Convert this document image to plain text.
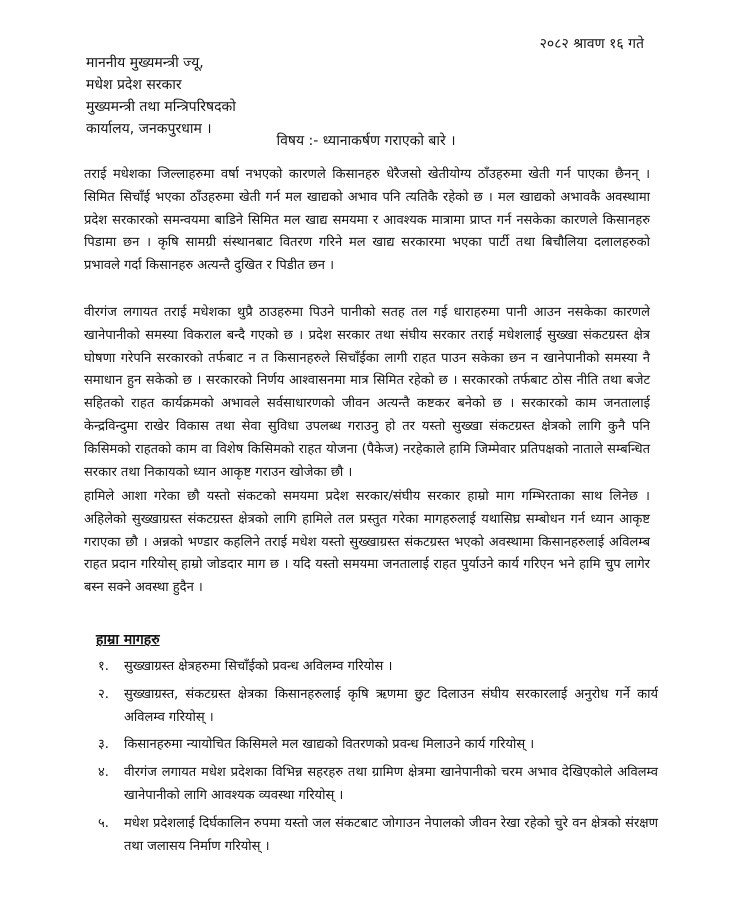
२०८२ श्रावण १६ गते
माननीय मुख्यमन्त्री ज्यू,
मधेश प्रदेश सरकार
मुख्यमन्त्री तथा मन्त्रिपरिषदको
कार्यालय, जनकपुरधाम ।
विषय :- ध्यानाकर्षण गराएको बारे ।

तराई मधेशका जिल्लाहरुमा वर्षा नभएको कारणले किसानहरु धेरैजसो खेतीयोग्य ठाँउहरुमा खेती गर्न पाएका छैनन् । सिमित सिचाँई भएका ठाँउहरुमा खेती गर्न मल खाद्यको अभाव पनि त्यतिकै रहेको छ । मल खाद्यको अभावकै अवस्थामा प्रदेश सरकारको समन्वयमा बाडिने सिमित मल खाद्य समयमा र आवश्यक मात्रामा प्राप्त गर्न नसकेका कारणले किसानहरु पिडामा छन । कृषि सामग्री संस्थानबाट वितरण गरिने मल खाद्य सरकारमा भएका पार्टी तथा बिचौलिया दलालहरुको प्रभावले गर्दा किसानहरु अत्यन्तै दुखित र पिडीत छन ।

वीरगंज लगायत तराई मधेशका थुप्रै ठाउहरुमा पिउने पानीको सतह तल गई धाराहरुमा पानी आउन नसकेका कारणले खानेपानीको समस्या विकराल बन्दै गएको छ । प्रदेश सरकार तथा संघीय सरकार तराई मधेशलाई सुख्खा संकटग्रस्त क्षेत्र घोषणा गरेपनि सरकारको तर्फबाट न त किसानहरुले सिचाँईका लागी राहत पाउन सकेका छन न खानेपानीको समस्या नै समाधान हुन सकेको छ । सरकारको निर्णय आश्वासनमा मात्र सिमित रहेको छ । सरकारको तर्फबाट ठोस नीति तथा बजेट सहितको राहत कार्यक्रमको अभावले सर्वसाधारणको जीवन अत्यन्तै कष्टकर बनेको छ । सरकारको काम जनतालाई केन्द्रविन्दुमा राखेर विकास तथा सेवा सुविधा उपलब्ध गराउनु हो तर यस्तो सुख्खा संकटग्रस्त क्षेत्रको लागि कुनै पनि किसिमको राहतको काम वा विशेष किसिमको राहत योजना (पैकेज) नरहेकाले हामि जिम्मेवार प्रतिपक्षको नाताले सम्बन्धित सरकार तथा निकायको ध्यान आकृष्ट गराउन खोजेका छौ ।

हामिले आशा गरेका छौ यस्तो संकटको समयमा प्रदेश सरकार/संघीय सरकार हाम्रो माग गम्भिरताका साथ लिनेछ । अहिलेको सुख्खाग्रस्त संकटग्रस्त क्षेत्रको लागि हामिले तल प्रस्तुत गरेका मागहरुलाई यथासिघ्र सम्बोधन गर्न ध्यान आकृष्ट गराएका छौ । अन्नको भण्डार कहलिने तराई मधेश यस्तो सुख्खाग्रस्त संकटग्रस्त भएको अवस्थामा किसानहरुलाई अविलम्ब राहत प्रदान गरियोस् हाम्रो जोडदार माग छ । यदि यस्तो समयमा जनतालाई राहत पुर्याउने कार्य गरिएन भने हामि चुप लागेर बस्न सक्ने अवस्था हुदैन ।

हाम्रा मागहरु
१.	सुख्खाग्रस्त क्षेत्रहरुमा सिचाँईको प्रवन्ध अविलम्व गरियोस ।
२.	सुख्खाग्रस्त, संकटग्रस्त क्षेत्रका किसानहरुलाई कृषि ऋणमा छुट दिलाउन संघीय सरकारलाई अनुरोध गर्ने कार्य अविलम्व गरियोस् ।
३.	किसानहरुमा न्यायोचित किसिमले मल खाद्यको वितरणको प्रवन्ध मिलाउने कार्य गरियोस् ।
४.	वीरगंज लगायत मधेश प्रदेशका विभिन्न सहरहरु तथा ग्रामिण क्षेत्रमा खानेपानीको चरम अभाव देखिएकोले अविलम्व खानेपानीको लागि आवश्यक व्यवस्था गरियोस् ।
५.	मधेश प्रदेशलाई दिर्घकालिन रुपमा यस्तो जल संकटबाट जोगाउन नेपालको जीवन रेखा रहेको चुरे वन क्षेत्रको संरक्षण तथा जलासय निर्माण गरियोस् ।
